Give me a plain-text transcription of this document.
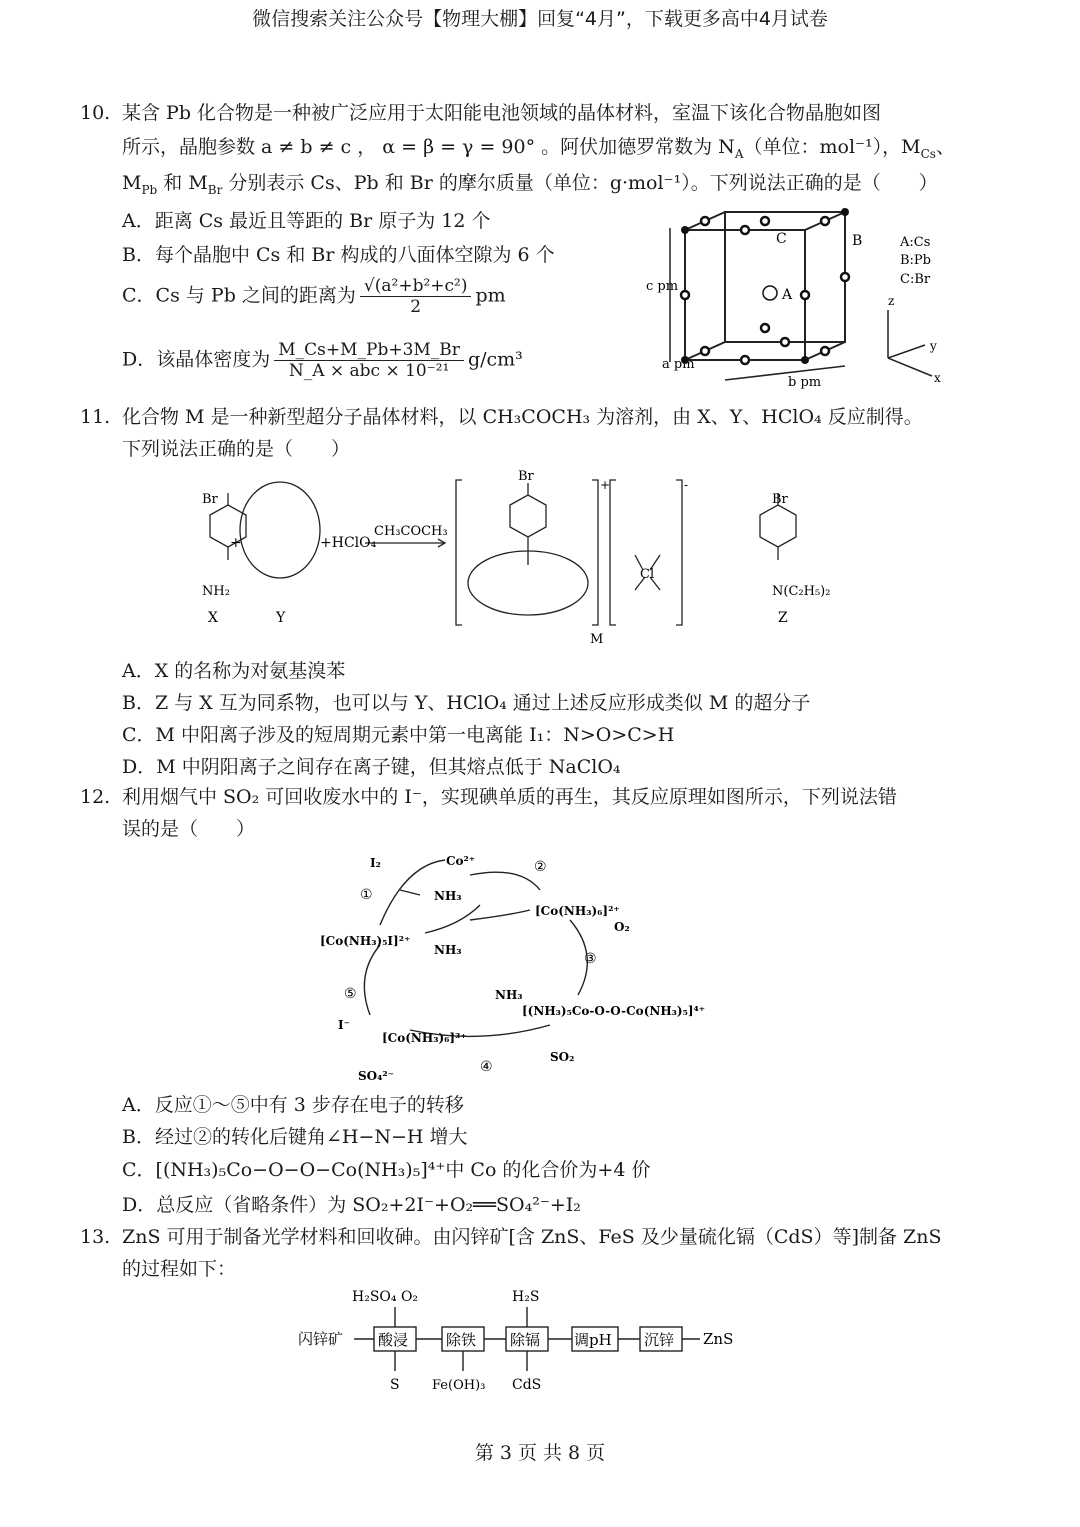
微信搜索关注公众号【物理大棚】回复“4月”，下载更多高中4月试卷
10. 某含 Pb 化合物是一种被广泛应用于太阳能电池领域的晶体材料，室温下该化合物晶胞如图
所示，晶胞参数 a ≠ b ≠ c ， α = β = γ = 90° 。阿伏加德罗常数为 $N_A$（单位：mol⁻¹），$M_{Cs}$、
$M_{Pb}$ 和 $M_{Br}$ 分别表示 Cs、Pb 和 Br 的摩尔质量（单位：g·mol⁻¹）。下列说法正确的是（　　）
A．距离 Cs 最近且等距的 Br 原子为 12 个
B．每个晶胞中 Cs 和 Br 构成的八面体空隙为 6 个
C．Cs 与 Pb 之间的距离为 $\frac{\text{√(a²+b²+c²)}}{2}$ pm
D．该晶体密度为 $\frac{M\_Cs+M\_Pb+3M\_Br}{\text{N\_A × abc × 10⁻²¹}} g/cm^3$
C	B
A
c pm
a pm
b pm
A:Cs
B:Pb
C:Br
z
y
x
11. 化合物 M 是一种新型超分子晶体材料，以 CH₃COCH₃ 为溶剂，由 X、Y、HClO₄ 反应制得。
下列说法正确的是（　　）
Br
NH₂
X
+
Y
+HClO₄
CH₃COCH₃
Br
+	-
Cl
M
Br
N(C₂H₅)₂
Z
A．X 的名称为对氨基溴苯
B．Z 与 X 互为同系物，也可以与 Y、HClO₄ 通过上述反应形成类似 M 的超分子
C．M 中阳离子涉及的短周期元素中第一电离能 I₁：N>O>C>H
D．M 中阴阳离子之间存在离子键，但其熔点低于 NaClO₄
12. 利用烟气中 SO₂ 可回收废水中的 I⁻，实现碘单质的再生，其反应原理如图所示，下列说法错
误的是（　　）
I₂	Co²⁺
①
②
③
④
⑤
NH₃
NH₃
NH₃
[Co(NH₃)₆]²⁺
O₂
[Co(NH₃)₅I]²⁺
[(NH₃)₅Co-O-O-Co(NH₃)₅]⁴⁺
[Co(NH₃)₆]³⁺
I⁻
SO₄²⁻
SO₂
A．反应①～⑤中有 3 步存在电子的转移
B．经过②的转化后键角∠H−N−H 增大
C．[(NH₃)₅Co−O−O−Co(NH₃)₅]⁴⁺中 Co 的化合价为+4 价
D．总反应（省略条件）为 SO₂+2I⁻+O₂══SO₄²⁻+I₂
13. ZnS 可用于制备光学材料和回收砷。由闪锌矿[含 ZnS、FeS 及少量硫化镉（CdS）等]制备 ZnS
的过程如下：
闪锌矿 酸浸	除铁 除镉 调pH 沉锌 ZnS
H₂SO₄ O₂	H₂S
S Fe(OH)₃ CdS
第 3 页 共 8 页
